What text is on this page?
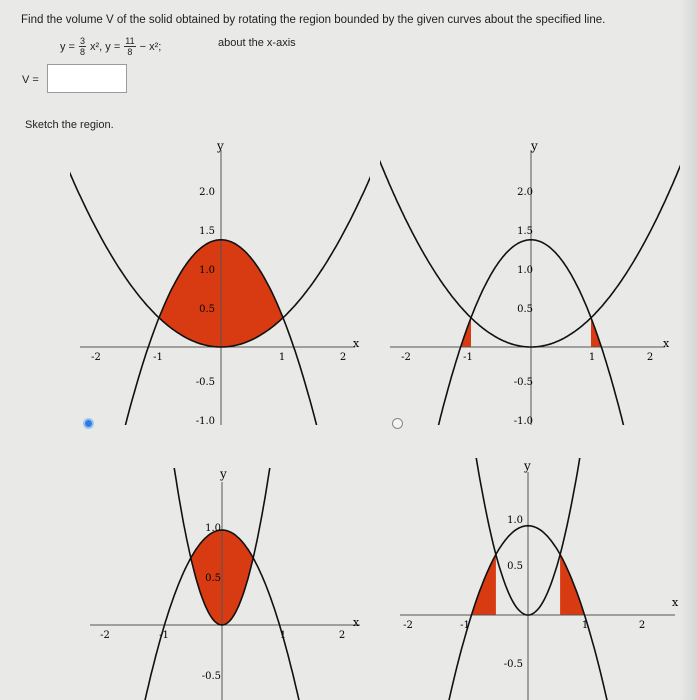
Find the volume V of the solid obtained by rotating the region bounded by the given curves about the specified line.
$y = \frac{3}{8} x^2$, $y = \frac{11}{8} - x^2$;	about the x-axis
V =
Sketch the region.
y
x
2.0
1.5
1.0
0.5
-0.5
-1.0
-2	-1	1	2
y
x
2.0
1.5
1.0
0.5
-0.5
-1.0
-2	-1	1	2
y
x
1.0
0.5
-0.5
-2	-1	1	2
y
x
1.0
0.5
-0.5
-2	-1	1	2
